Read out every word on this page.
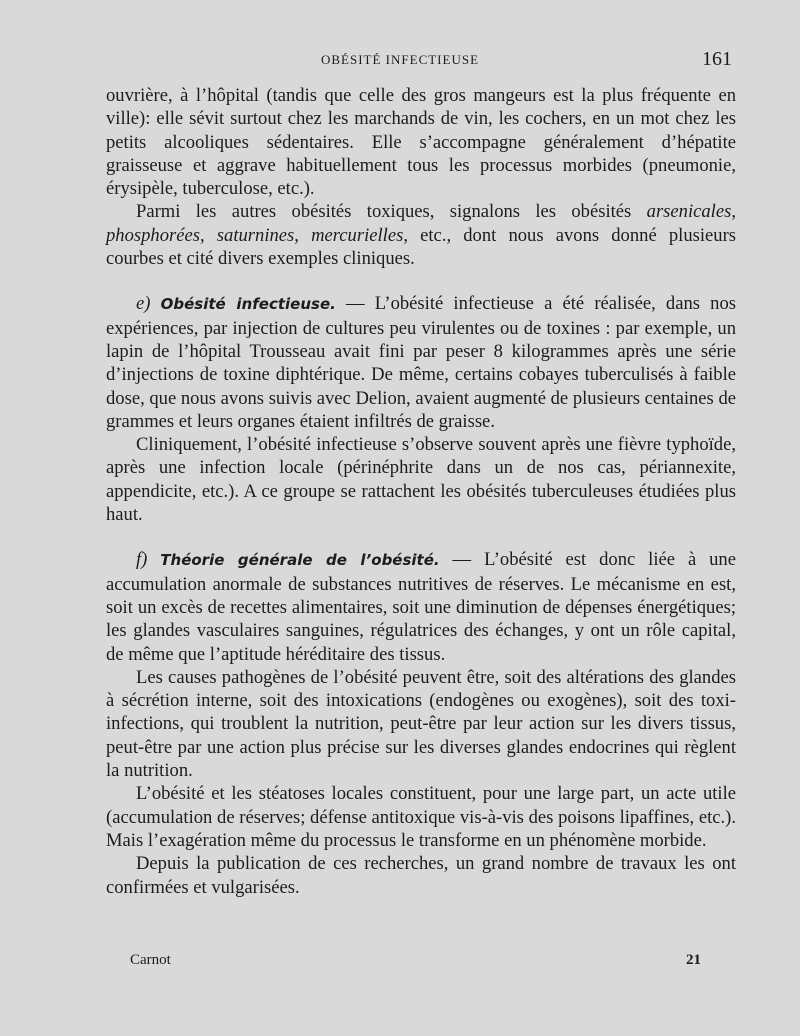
OBÉSITÉ INFECTIEUSE	161

ouvrière, à l’hôpital (tandis que celle des gros mangeurs est la plus fréquente en ville): elle sévit surtout chez les marchands de vin, les cochers, en un mot chez les petits alcooliques sédentaires. Elle s’accompagne généralement d’hépatite graisseuse et aggrave habituellement tous les processus morbides (pneumonie, érysipèle, tuberculose, etc.).

Parmi les autres obésités toxiques, signalons les obésités arsenicales, phosphorées, saturnines, mercurielles, etc., dont nous avons donné plusieurs courbes et cité divers exemples cliniques.

e) Obésité infectieuse. — L’obésité infectieuse a été réalisée, dans nos expériences, par injection de cultures peu virulentes ou de toxines : par exemple, un lapin de l’hôpital Trousseau avait fini par peser 8 kilogrammes après une série d’injections de toxine diphtérique. De même, certains cobayes tuberculisés à faible dose, que nous avons suivis avec Delion, avaient augmenté de plusieurs centaines de grammes et leurs organes étaient infiltrés de graisse.

Cliniquement, l’obésité infectieuse s’observe souvent après une fièvre typhoïde, après une infection locale (périnéphrite dans un de nos cas, périannexite, appendicite, etc.). A ce groupe se rattachent les obésités tuberculeuses étudiées plus haut.

f) Théorie générale de l’obésité. — L’obésité est donc liée à une accumulation anormale de substances nutritives de réserves. Le mécanisme en est, soit un excès de recettes alimentaires, soit une diminution de dépenses énergétiques; les glandes vasculaires sanguines, régulatrices des échanges, y ont un rôle capital, de même que l’aptitude héréditaire des tissus.

Les causes pathogènes de l’obésité peuvent être, soit des altérations des glandes à sécrétion interne, soit des intoxications (endogènes ou exogènes), soit des toxi-infections, qui troublent la nutrition, peut-être par leur action sur les divers tissus, peut-être par une action plus précise sur les diverses glandes endocrines qui règlent la nutrition.

L’obésité et les stéatoses locales constituent, pour une large part, un acte utile (accumulation de réserves; défense antitoxique vis-à-vis des poisons lipaffines, etc.). Mais l’exagération même du processus le transforme en un phénomène morbide.

Depuis la publication de ces recherches, un grand nombre de travaux les ont confirmées et vulgarisées.

Carnot	21
